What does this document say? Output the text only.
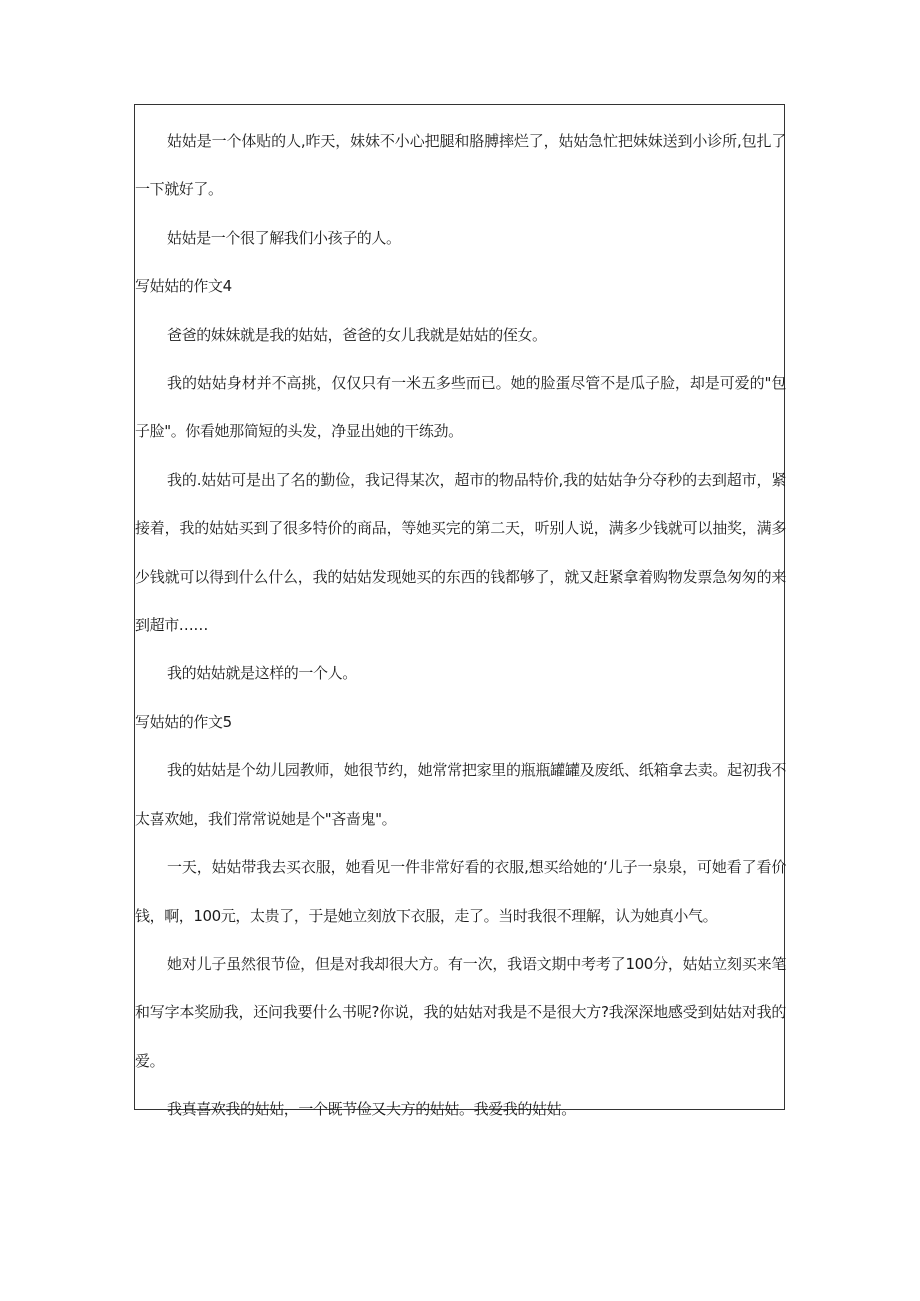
姑姑是一个体贴的人,昨天，妹妹不小心把腿和胳膊摔烂了，姑姑急忙把妹妹送到小诊所,包扎了一下就好了。

姑姑是一个很了解我们小孩子的人。

写姑姑的作文4

爸爸的妹妹就是我的姑姑，爸爸的女儿我就是姑姑的侄女。

我的姑姑身材并不高挑，仅仅只有一米五多些而已。她的脸蛋尽管不是瓜子脸，却是可爱的"包子脸"。你看她那简短的头发，净显出她的干练劲。

我的.姑姑可是出了名的勤俭，我记得某次，超市的物品特价,我的姑姑争分夺秒的去到超市，紧接着，我的姑姑买到了很多特价的商品，等她买完的第二天，听别人说，满多少钱就可以抽奖，满多少钱就可以得到什么什么，我的姑姑发现她买的东西的钱都够了，就又赶紧拿着购物发票急匆匆的来到超市……

我的姑姑就是这样的一个人。

写姑姑的作文5

我的姑姑是个幼儿园教师，她很节约，她常常把家里的瓶瓶罐罐及废纸、纸箱拿去卖。起初我不太喜欢她，我们常常说她是个"吝啬鬼"。

一天，姑姑带我去买衣服，她看见一件非常好看的衣服,想买给她的‘儿子一泉泉，可她看了看价钱，啊，100元，太贵了，于是她立刻放下衣服，走了。当时我很不理解，认为她真小气。

她对儿子虽然很节俭，但是对我却很大方。有一次，我语文期中考考了100分，姑姑立刻买来笔和写字本奖励我，还问我要什么书呢?你说，我的姑姑对我是不是很大方?我深深地感受到姑姑对我的爱。

我真喜欢我的姑姑，一个既节俭又大方的姑姑。我爱我的姑姑。
